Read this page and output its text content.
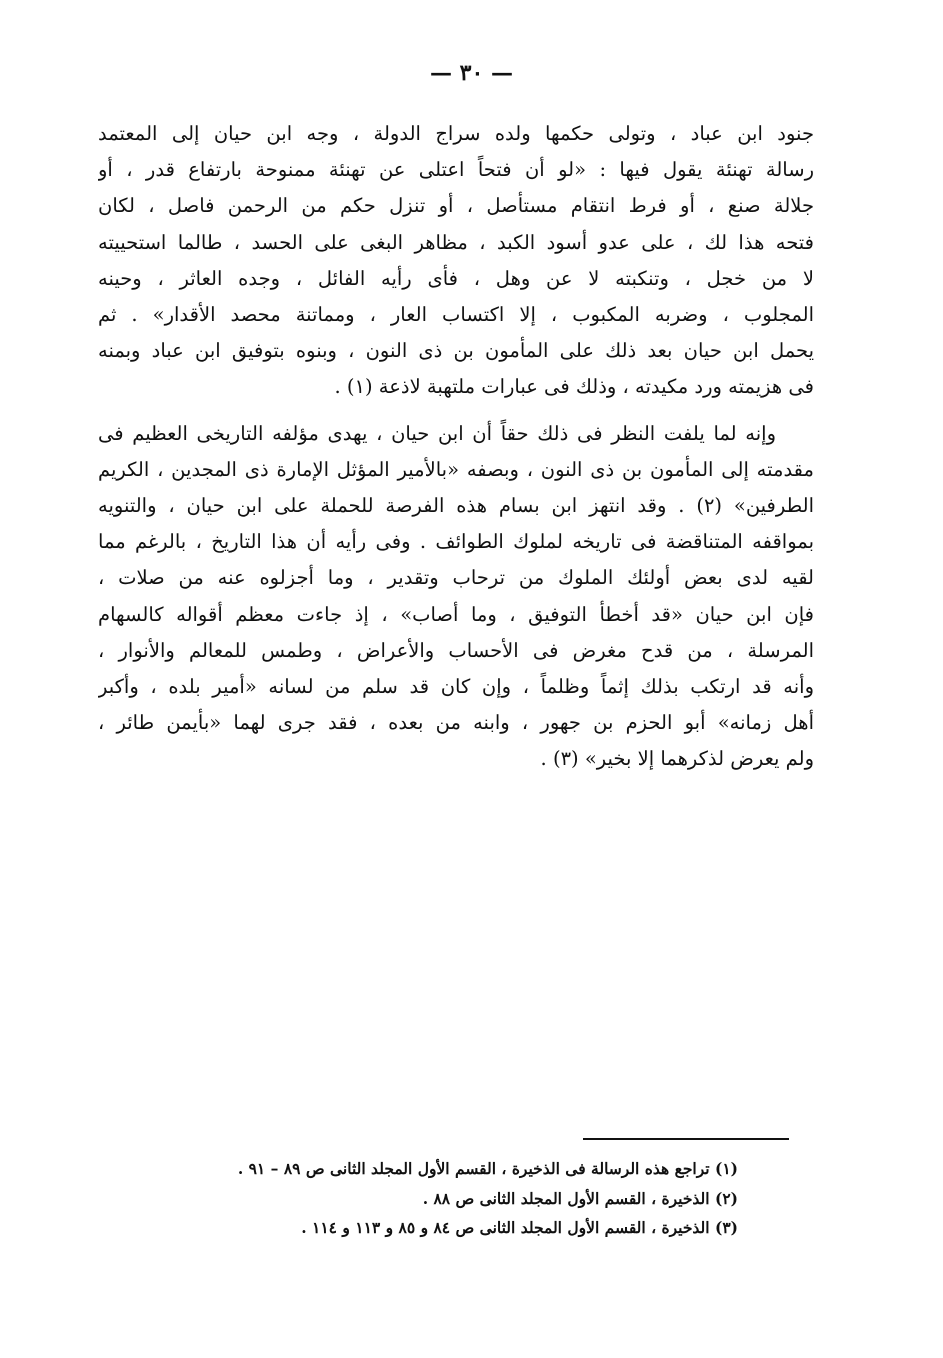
— ٣٠ —

جنود ابن عباد ، وتولى حكمها ولده سراج الدولة ، وجه ابن حيان إلى المعتمد
رسالة تهنئة يقول فيها : «لو أن فتحاً اعتلى عن تهنئة ممنوحة بارتفاع قدر ، أو
جلالة صنع ، أو فرط انتقام مستأصل ، أو تنزل حكم من الرحمن فاصل ، لكان
فتحه هذا لك ، على عدو أسود الكبد ، مظاهر البغى على الحسد ، طالما استحييته
لا من خجل ، وتنكبته لا عن وهل ، فأى رأيه الفائل ، وجده العاثر ، وحينه
المجلوب ، وضربه المكبوب ، إلا اكتساب العار ، ومماتنة محصد الأقدار» . ثم
يحمل ابن حيان بعد ذلك على المأمون بن ذى النون ، وبنوه بتوفيق ابن عباد وبمنه
فى هزيمته ورد مكيدته ، وذلك فى عبارات ملتهبة لاذعة (١) .

وإنه لما يلفت النظر فى ذلك حقاً أن ابن حيان ، يهدى مؤلفه التاريخى العظيم فى
مقدمته إلى المأمون بن ذى النون ، وبصفه «بالأمير المؤثل الإمارة ذى المجدين ، الكريم
الطرفين» (٢) . وقد انتهز ابن بسام هذه الفرصة للحملة على ابن حيان ، والتنويه
بمواقفه المتناقضة فى تاريخه لملوك الطوائف . وفى رأيه أن هذا التاريخ ، بالرغم مما
لقيه لدى بعض أولئك الملوك من ترحاب وتقدير ، وما أجزلوه عنه من صلات ،
فإن ابن حيان «قد أخطأ التوفيق ، وما أصاب» ، إذ جاءت معظم أقواله كالسهام
المرسلة ، من قدح مغرض فى الأحساب والأعراض ، وطمس للمعالم والأنوار ،
وأنه قد ارتكب بذلك إثماً وظلماً ، وإن كان قد سلم من لسانه «أمير بلده ، وأكبر
أهل زمانه» أبو الحزم بن جهور ، وابنه من بعده ، فقد جرى لهما «بأيمن طائر ،
ولم يعرض لذكرهما إلا بخير» (٣) .

(١) تراجع هذه الرسالة فى الذخيرة ، القسم الأول المجلد الثانى ص ٨٩ – ٩١ .
(٢) الذخيرة ، القسم الأول المجلد الثانى ص ٨٨ .
(٣) الذخيرة ، القسم الأول المجلد الثانى ص ٨٤ و ٨٥ و ١١٣ و ١١٤ .
